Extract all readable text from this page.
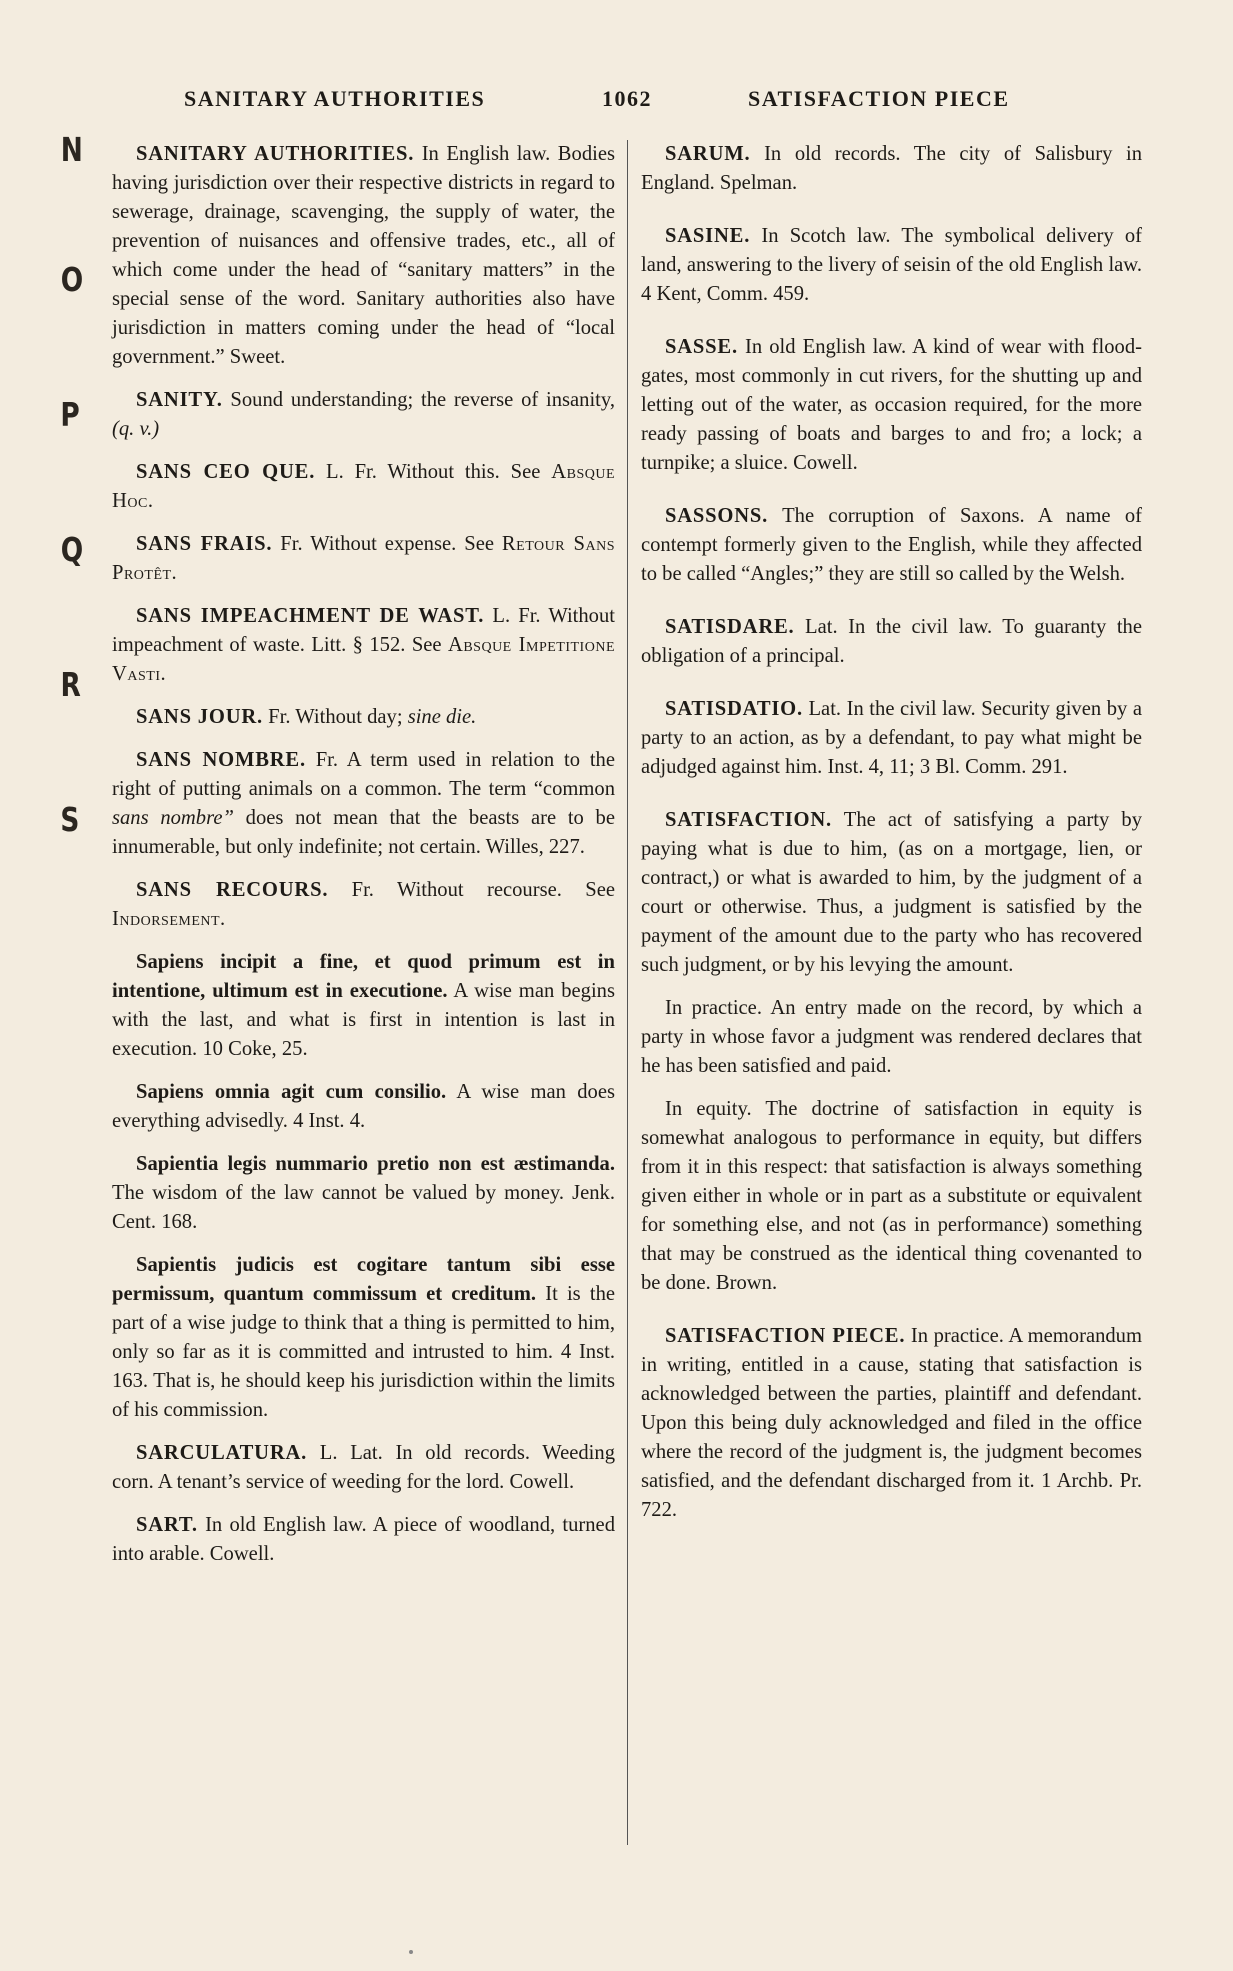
SANITARY AUTHORITIES	1062	SATISFACTION PIECE
N
O
P
Q
R
S

SANITARY AUTHORITIES. In English law. Bodies having jurisdiction over their respective districts in regard to sewerage, drainage, scavenging, the supply of water, the prevention of nuisances and offensive trades, etc., all of which come under the head of “sanitary matters” in the special sense of the word. Sanitary authorities also have jurisdiction in matters coming under the head of “local government.” Sweet.

SANITY. Sound understanding; the reverse of insanity, (q. v.)

SANS CEO QUE. L. Fr. Without this. See Absque Hoc.

SANS FRAIS. Fr. Without expense. See Retour Sans Protêt.

SANS IMPEACHMENT DE WAST. L. Fr. Without impeachment of waste. Litt. § 152. See Absque Impetitione Vasti.

SANS JOUR. Fr. Without day; sine die.

SANS NOMBRE. Fr. A term used in relation to the right of putting animals on a common. The term “common sans nombre” does not mean that the beasts are to be innumerable, but only indefinite; not certain. Willes, 227.

SANS RECOURS. Fr. Without recourse. See Indorsement.

Sapiens incipit a fine, et quod primum est in intentione, ultimum est in executione. A wise man begins with the last, and what is first in intention is last in execution. 10 Coke, 25.

Sapiens omnia agit cum consilio. A wise man does everything advisedly. 4 Inst. 4.

Sapientia legis nummario pretio non est æstimanda. The wisdom of the law cannot be valued by money. Jenk. Cent. 168.

Sapientis judicis est cogitare tantum sibi esse permissum, quantum commissum et creditum. It is the part of a wise judge to think that a thing is permitted to him, only so far as it is committed and intrusted to him. 4 Inst. 163. That is, he should keep his jurisdiction within the limits of his commission.

SARCULATURA. L. Lat. In old records. Weeding corn. A tenant’s service of weeding for the lord. Cowell.

SART. In old English law. A piece of woodland, turned into arable. Cowell.

SARUM. In old records. The city of Salisbury in England. Spelman.

SASINE. In Scotch law. The symbolical delivery of land, answering to the livery of seisin of the old English law. 4 Kent, Comm. 459.

SASSE. In old English law. A kind of wear with flood-gates, most commonly in cut rivers, for the shutting up and letting out of the water, as occasion required, for the more ready passing of boats and barges to and fro; a lock; a turnpike; a sluice. Cowell.

SASSONS. The corruption of Saxons. A name of contempt formerly given to the English, while they affected to be called “Angles;” they are still so called by the Welsh.

SATISDARE. Lat. In the civil law. To guaranty the obligation of a principal.

SATISDATIO. Lat. In the civil law. Security given by a party to an action, as by a defendant, to pay what might be adjudged against him. Inst. 4, 11; 3 Bl. Comm. 291.

SATISFACTION. The act of satisfying a party by paying what is due to him, (as on a mortgage, lien, or contract,) or what is awarded to him, by the judgment of a court or otherwise. Thus, a judgment is satisfied by the payment of the amount due to the party who has recovered such judgment, or by his levying the amount.

In practice. An entry made on the record, by which a party in whose favor a judgment was rendered declares that he has been satisfied and paid.

In equity. The doctrine of satisfaction in equity is somewhat analogous to performance in equity, but differs from it in this respect: that satisfaction is always something given either in whole or in part as a substitute or equivalent for something else, and not (as in performance) something that may be construed as the identical thing covenanted to be done. Brown.

SATISFACTION PIECE. In practice. A memorandum in writing, entitled in a cause, stating that satisfaction is acknowledged between the parties, plaintiff and defendant. Upon this being duly acknowledged and filed in the office where the record of the judgment is, the judgment becomes satisfied, and the defendant discharged from it. 1 Archb. Pr. 722.
